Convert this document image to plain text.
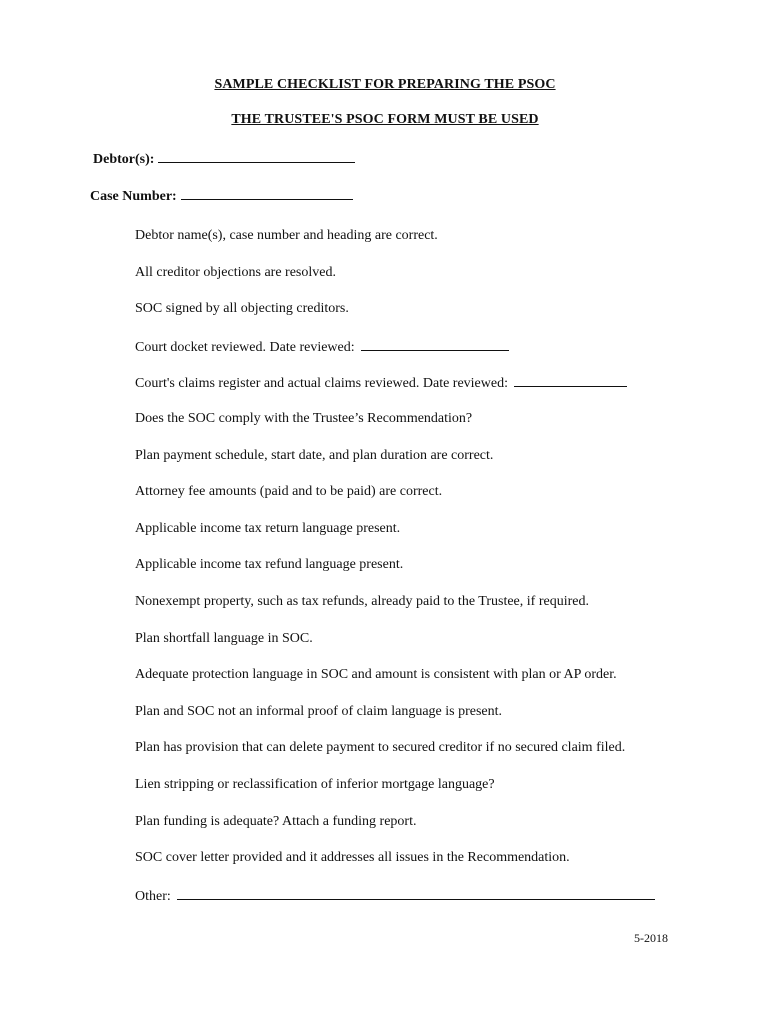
SAMPLE CHECKLIST FOR PREPARING THE PSOC
THE TRUSTEE'S PSOC FORM MUST BE USED
Debtor(s):
Case Number:
Debtor name(s), case number and heading are correct.
All creditor objections are resolved.
SOC signed by all objecting creditors.
Court docket reviewed. Date reviewed:
Court's claims register and actual claims reviewed. Date reviewed:
Does the SOC comply with the Trustee’s Recommendation?
Plan payment schedule, start date, and plan duration are correct.
Attorney fee amounts (paid and to be paid) are correct.
Applicable income tax return language present.
Applicable income tax refund language present.
Nonexempt property, such as tax refunds, already paid to the Trustee, if required.
Plan shortfall language in SOC.
Adequate protection language in SOC and amount is consistent with plan or AP order.
Plan and SOC not an informal proof of claim language is present.
Plan has provision that can delete payment to secured creditor if no secured claim filed.
Lien stripping or reclassification of inferior mortgage language?
Plan funding is adequate? Attach a funding report.
SOC cover letter provided and it addresses all issues in the Recommendation.
Other:
5-2018
